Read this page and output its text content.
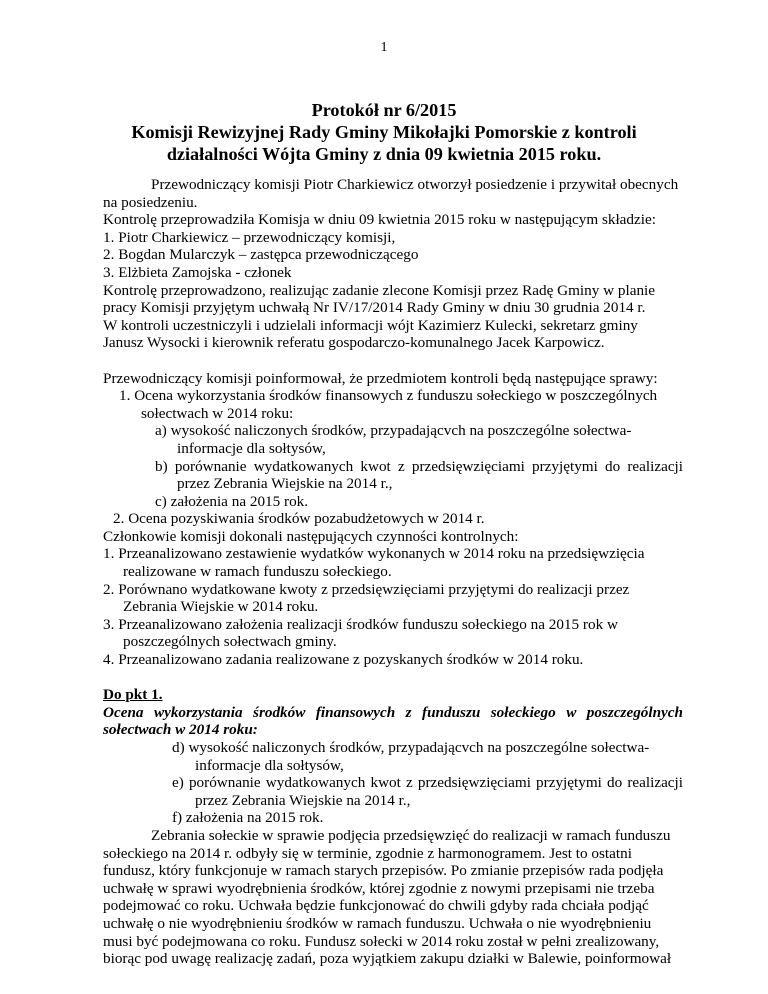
1
Protokół nr 6/2015
Komisji Rewizyjnej Rady Gminy Mikołajki Pomorskie z kontroli
działalności Wójta Gminy z dnia 09 kwietnia 2015 roku.
Przewodniczący komisji Piotr Charkiewicz otworzył posiedzenie i przywitał obecnych
na posiedzeniu.
Kontrolę przeprowadziła Komisja w dniu 09 kwietnia 2015 roku w następującym składzie:
1. Piotr Charkiewicz – przewodniczący komisji,
2. Bogdan Mularczyk – zastępca przewodniczącego
3. Elżbieta Zamojska - członek
Kontrolę przeprowadzono, realizując zadanie zlecone Komisji przez Radę Gminy w planie
pracy Komisji przyjętym uchwałą Nr IV/17/2014 Rady Gminy w dniu 30 grudnia 2014 r.
W kontroli uczestniczyli i udzielali informacji wójt Kazimierz Kulecki, sekretarz gminy
Janusz Wysocki i kierownik referatu gospodarczo-komunalnego Jacek Karpowicz.
Przewodniczący komisji poinformował, że przedmiotem kontroli będą następujące sprawy:
1. Ocena wykorzystania środków finansowych z funduszu sołeckiego w poszczególnych
sołectwach w 2014 roku:
a) wysokość naliczonych środków, przypadającvch na poszczególne sołectwa-
informacje dla sołtysów,
b) porównanie wydatkowanych kwot z przedsięwzięciami przyjętymi do realizacji
przez Zebrania Wiejskie na 2014 r.,
c) założenia na 2015 rok.
2. Ocena pozyskiwania środków pozabudżetowych w 2014 r.
Członkowie komisji dokonali następujących czynności kontrolnych:
1. Przeanalizowano zestawienie wydatków wykonanych w 2014 roku na przedsięwzięcia
realizowane w ramach funduszu sołeckiego.
2. Porównano wydatkowane kwoty z przedsięwzięciami przyjętymi do realizacji przez
Zebrania Wiejskie w 2014 roku.
3. Przeanalizowano założenia realizacji środków funduszu sołeckiego na 2015 rok w
poszczególnych sołectwach gminy.
4. Przeanalizowano zadania realizowane z pozyskanych środków w 2014 roku.
Do pkt 1.
Ocena wykorzystania środków finansowych z funduszu sołeckiego w poszczególnych
sołectwach w 2014 roku:
d) wysokość naliczonych środków, przypadającvch na poszczególne sołectwa-
informacje dla sołtysów,
e) porównanie wydatkowanych kwot z przedsięwzięciami przyjętymi do realizacji
przez Zebrania Wiejskie na 2014 r.,
f) założenia na 2015 rok.
Zebrania sołeckie w sprawie podjęcia przedsięwzięć do realizacji w ramach funduszu
sołeckiego na 2014 r. odbyły się w terminie, zgodnie z harmonogramem. Jest to ostatni
fundusz, który funkcjonuje w ramach starych przepisów. Po zmianie przepisów rada podjęła
uchwałę w sprawi wyodrębnienia środków, której zgodnie z nowymi przepisami nie trzeba
podejmować co roku. Uchwała będzie funkcjonować do chwili gdyby rada chciała podjąć
uchwałę o nie wyodrębnieniu środków w ramach funduszu. Uchwała o nie wyodrębnieniu
musi być podejmowana co roku. Fundusz sołecki w 2014 roku został w pełni zrealizowany,
biorąc pod uwagę realizację zadań, poza wyjątkiem zakupu działki w Balewie, poinformował
